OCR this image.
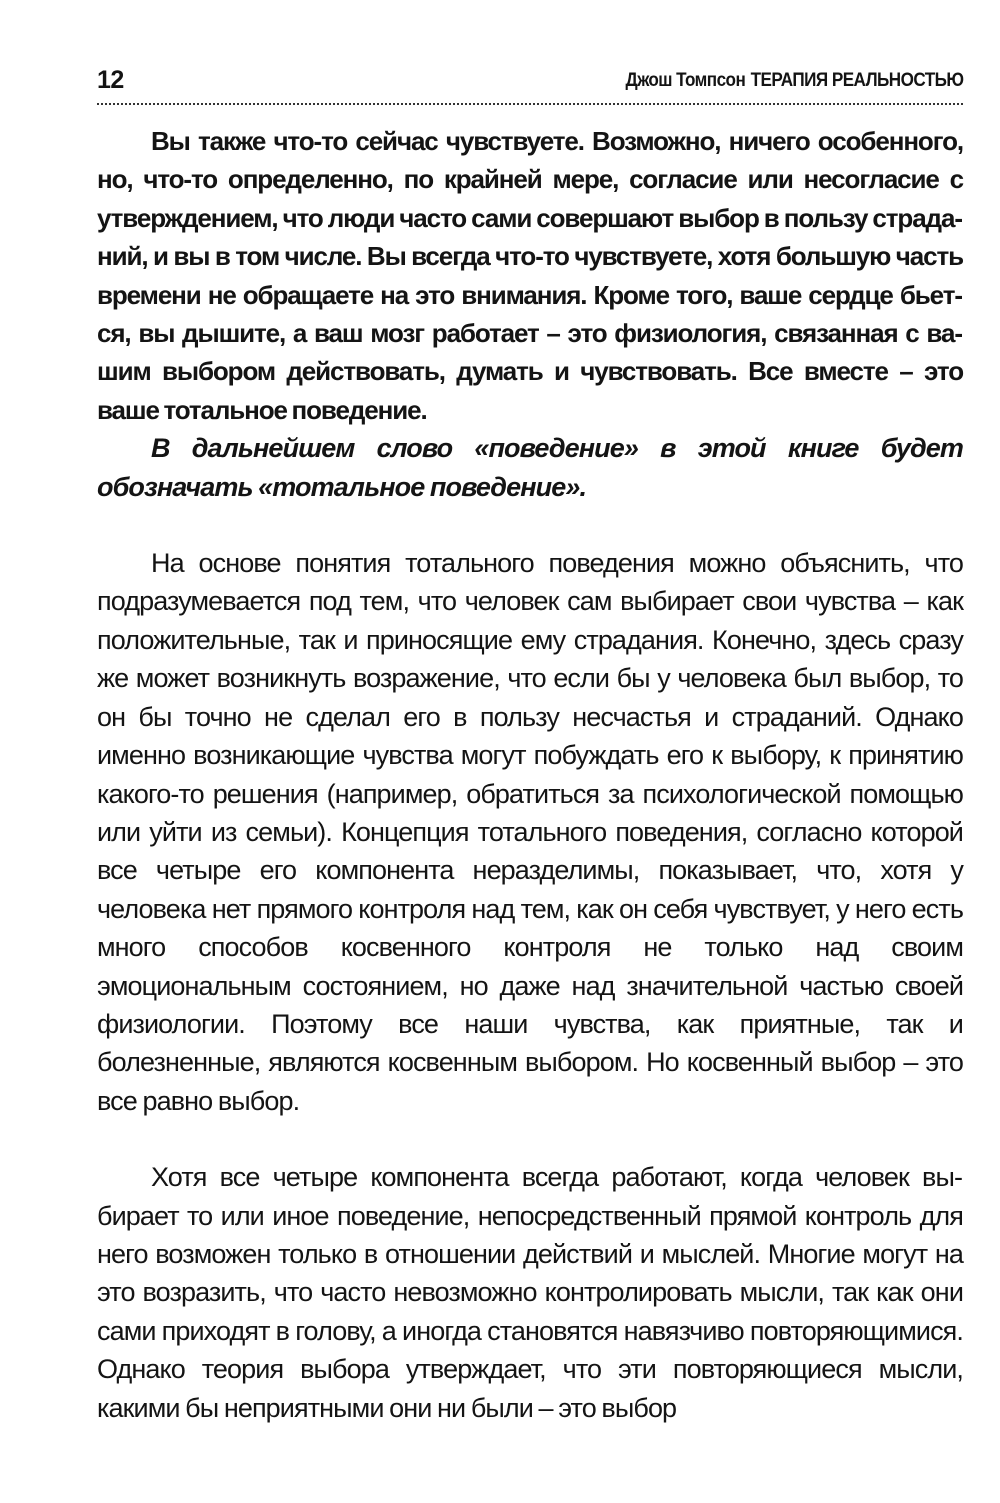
12	Джош Томпсон ТЕРАПИЯ РЕАЛЬНОСТЬЮ

Вы также что-то сейчас чувствуете. Возможно, ничего особенного, но, что-то определенно, по крайней мере, согласие или несогласие с утверждением, что люди часто сами совершают выбор в пользу страданий, и вы в том числе. Вы всегда что-то чувствуете, хотя большую часть времени не обращаете на это внимания. Кроме того, ваше сердце бьется, вы дышите, а ваш мозг работает – это физиология, связанная с вашим выбором действовать, думать и чувствовать. Все вместе – это ваше тотальное поведение.

В дальнейшем слово «поведение» в этой книге будет обозначать «тотальное поведение».

На основе понятия тотального поведения можно объяснить, что подразумевается под тем, что человек сам выбирает свои чувства – как положительные, так и приносящие ему страдания. Конечно, здесь сразу же может возникнуть возражение, что если бы у человека был выбор, то он бы точно не сделал его в пользу несчастья и страданий. Однако именно возникающие чувства могут побуждать его к выбору, к принятию какого-то решения (например, обратиться за психологической помощью или уйти из семьи). Концепция тотального поведения, согласно которой все четыре его компонента неразделимы, показывает, что, хотя у человека нет прямого контроля над тем, как он себя чувствует, у него есть много способов косвенного контроля не только над своим эмоциональным состоянием, но даже над значительной частью своей физиологии. Поэтому все наши чувства, как приятные, так и болезненные, являются косвенным выбором. Но косвенный выбор – это все равно выбор.

Хотя все четыре компонента всегда работают, когда человек выбирает то или иное поведение, непосредственный прямой контроль для него возможен только в отношении действий и мыслей. Многие могут на это возразить, что часто невозможно контролировать мысли, так как они сами приходят в голову, а иногда становятся навязчиво повторяющимися. Однако теория выбора утверждает, что эти повторяющиеся мысли, какими бы неприятными они ни были – это выбор
